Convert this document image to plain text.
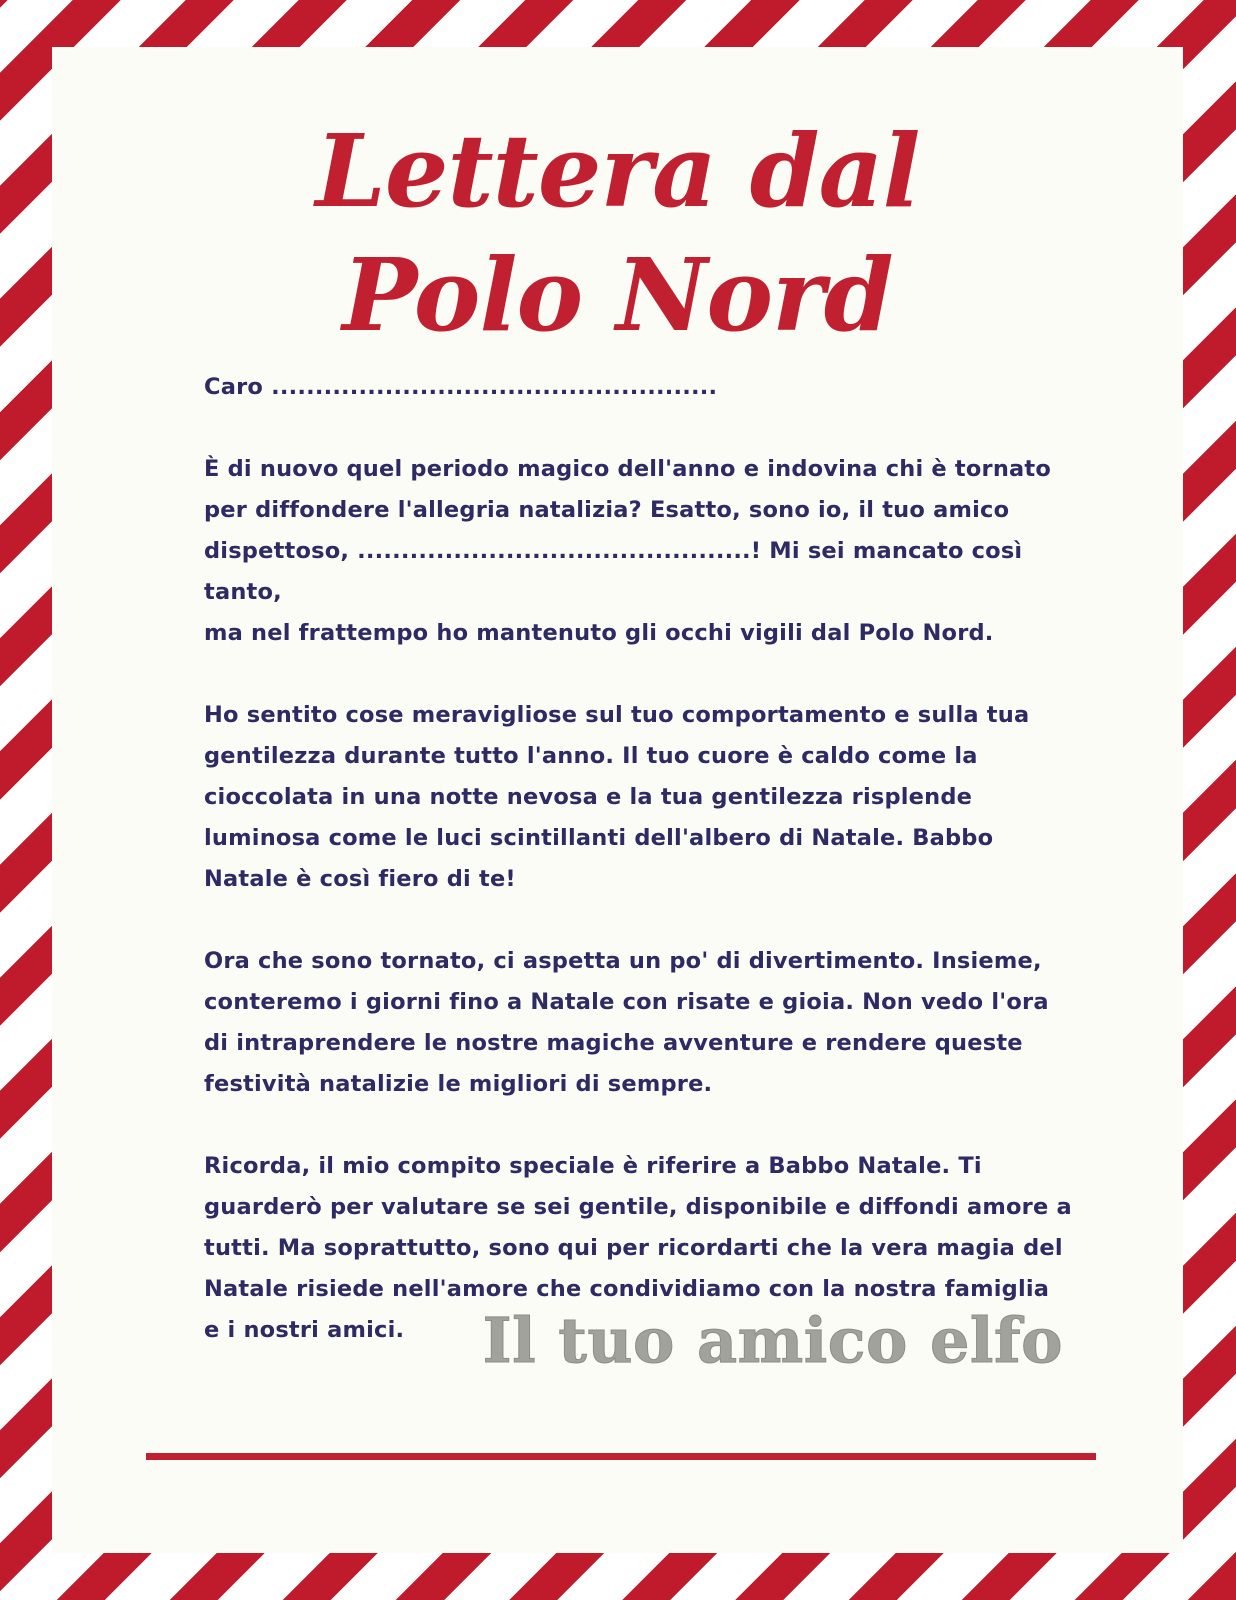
Lettera dal
Polo Nord

Caro ...................................................

È di nuovo quel periodo magico dell'anno e indovina chi è tornato
per diffondere l'allegria natalizia? Esatto, sono io, il tuo amico
dispettoso, .............................................! Mi sei mancato così tanto,
ma nel frattempo ho mantenuto gli occhi vigili dal Polo Nord.

Ho sentito cose meravigliose sul tuo comportamento e sulla tua
gentilezza durante tutto l'anno. Il tuo cuore è caldo come la
cioccolata in una notte nevosa e la tua gentilezza risplende
luminosa come le luci scintillanti dell'albero di Natale. Babbo
Natale è così fiero di te!

Ora che sono tornato, ci aspetta un po' di divertimento. Insieme,
conteremo i giorni fino a Natale con risate e gioia. Non vedo l'ora
di intraprendere le nostre magiche avventure e rendere queste
festività natalizie le migliori di sempre.

Ricorda, il mio compito speciale è riferire a Babbo Natale. Ti
guarderò per valutare se sei gentile, disponibile e diffondi amore a
tutti. Ma soprattutto, sono qui per ricordarti che la vera magia del
Natale risiede nell'amore che condividiamo con la nostra famiglia
e i nostri amici.	Il tuo amico elfo
